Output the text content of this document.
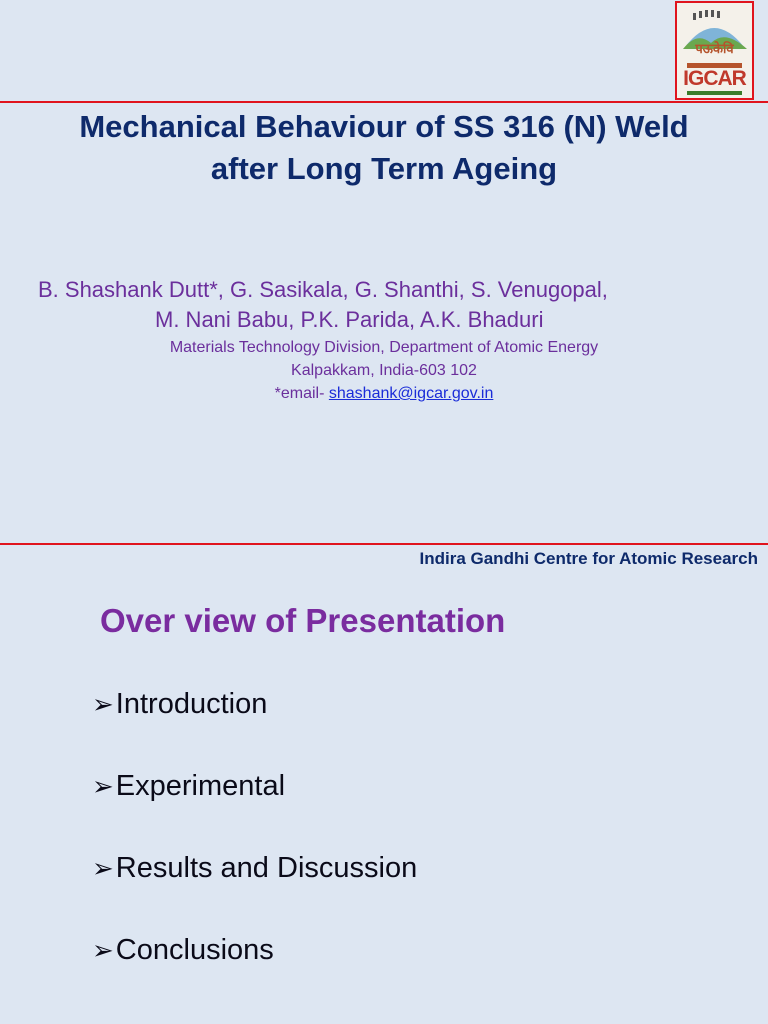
पऊकेवि
IGCAR
Mechanical Behaviour of SS 316 (N) Weld
after Long Term Ageing
B. Shashank Dutt*, G. Sasikala, G. Shanthi, S. Venugopal,
M. Nani Babu, P.K. Parida, A.K. Bhaduri
Materials Technology Division, Department of Atomic Energy
Kalpakkam, India-603 102
*email- shashank@igcar.gov.in
Indira Gandhi Centre for Atomic Research
Over view of Presentation
➢Introduction
➢Experimental
➢Results and Discussion
➢Conclusions
